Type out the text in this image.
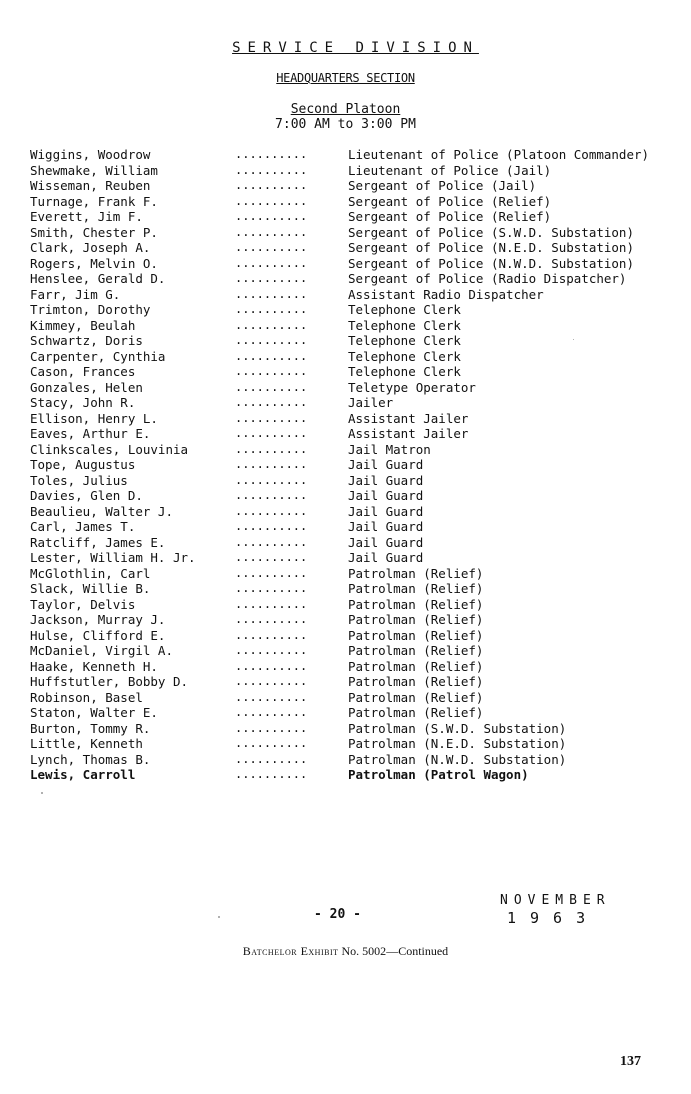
SERVICE DIVISION
HEADQUARTERS SECTION
Second Platoon
7:00 AM to 3:00 PM
Wiggins, Woodrow	..........	Lieutenant of Police (Platoon Commander)
Shewmake, William	..........	Lieutenant of Police (Jail)
Wisseman, Reuben	..........	Sergeant of Police (Jail)
Turnage, Frank F.	..........	Sergeant of Police (Relief)
Everett, Jim F.	..........	Sergeant of Police (Relief)
Smith, Chester P.	..........	Sergeant of Police (S.W.D. Substation)
Clark, Joseph A.	..........	Sergeant of Police (N.E.D. Substation)
Rogers, Melvin O.	..........	Sergeant of Police (N.W.D. Substation)
Henslee, Gerald D.	..........	Sergeant of Police (Radio Dispatcher)
Farr, Jim G.	..........	Assistant Radio Dispatcher
Trimton, Dorothy	..........	Telephone Clerk
Kimmey, Beulah	..........	Telephone Clerk
Schwartz, Doris	..........	Telephone Clerk
Carpenter, Cynthia	..........	Telephone Clerk
Cason, Frances	..........	Telephone Clerk
Gonzales, Helen	..........	Teletype Operator
Stacy, John R.	..........	Jailer
Ellison, Henry L.	..........	Assistant Jailer
Eaves, Arthur E.	..........	Assistant Jailer
Clinkscales, Louvinia	..........	Jail Matron
Tope, Augustus	..........	Jail Guard
Toles, Julius	..........	Jail Guard
Davies, Glen D.	..........	Jail Guard
Beaulieu, Walter J.	..........	Jail Guard
Carl, James T.	..........	Jail Guard
Ratcliff, James E.	..........	Jail Guard
Lester, William H. Jr.	..........	Jail Guard
McGlothlin, Carl	..........	Patrolman (Relief)
Slack, Willie B.	..........	Patrolman (Relief)
Taylor, Delvis	..........	Patrolman (Relief)
Jackson, Murray J.	..........	Patrolman (Relief)
Hulse, Clifford E.	..........	Patrolman (Relief)
McDaniel, Virgil A.	..........	Patrolman (Relief)
Haake, Kenneth H.	..........	Patrolman (Relief)
Huffstutler, Bobby D.	..........	Patrolman (Relief)
Robinson, Basel	..........	Patrolman (Relief)
Staton, Walter E.	..........	Patrolman (Relief)
Burton, Tommy R.	..........	Patrolman (S.W.D. Substation)
Little, Kenneth	..........	Patrolman (N.E.D. Substation)
Lynch, Thomas B.	..........	Patrolman (N.W.D. Substation)
Lewis, Carroll	..........	Patrolman (Patrol Wagon)
- 20 -
NOVEMBER
1963
Batchelor Exhibit No. 5002—Continued
137
